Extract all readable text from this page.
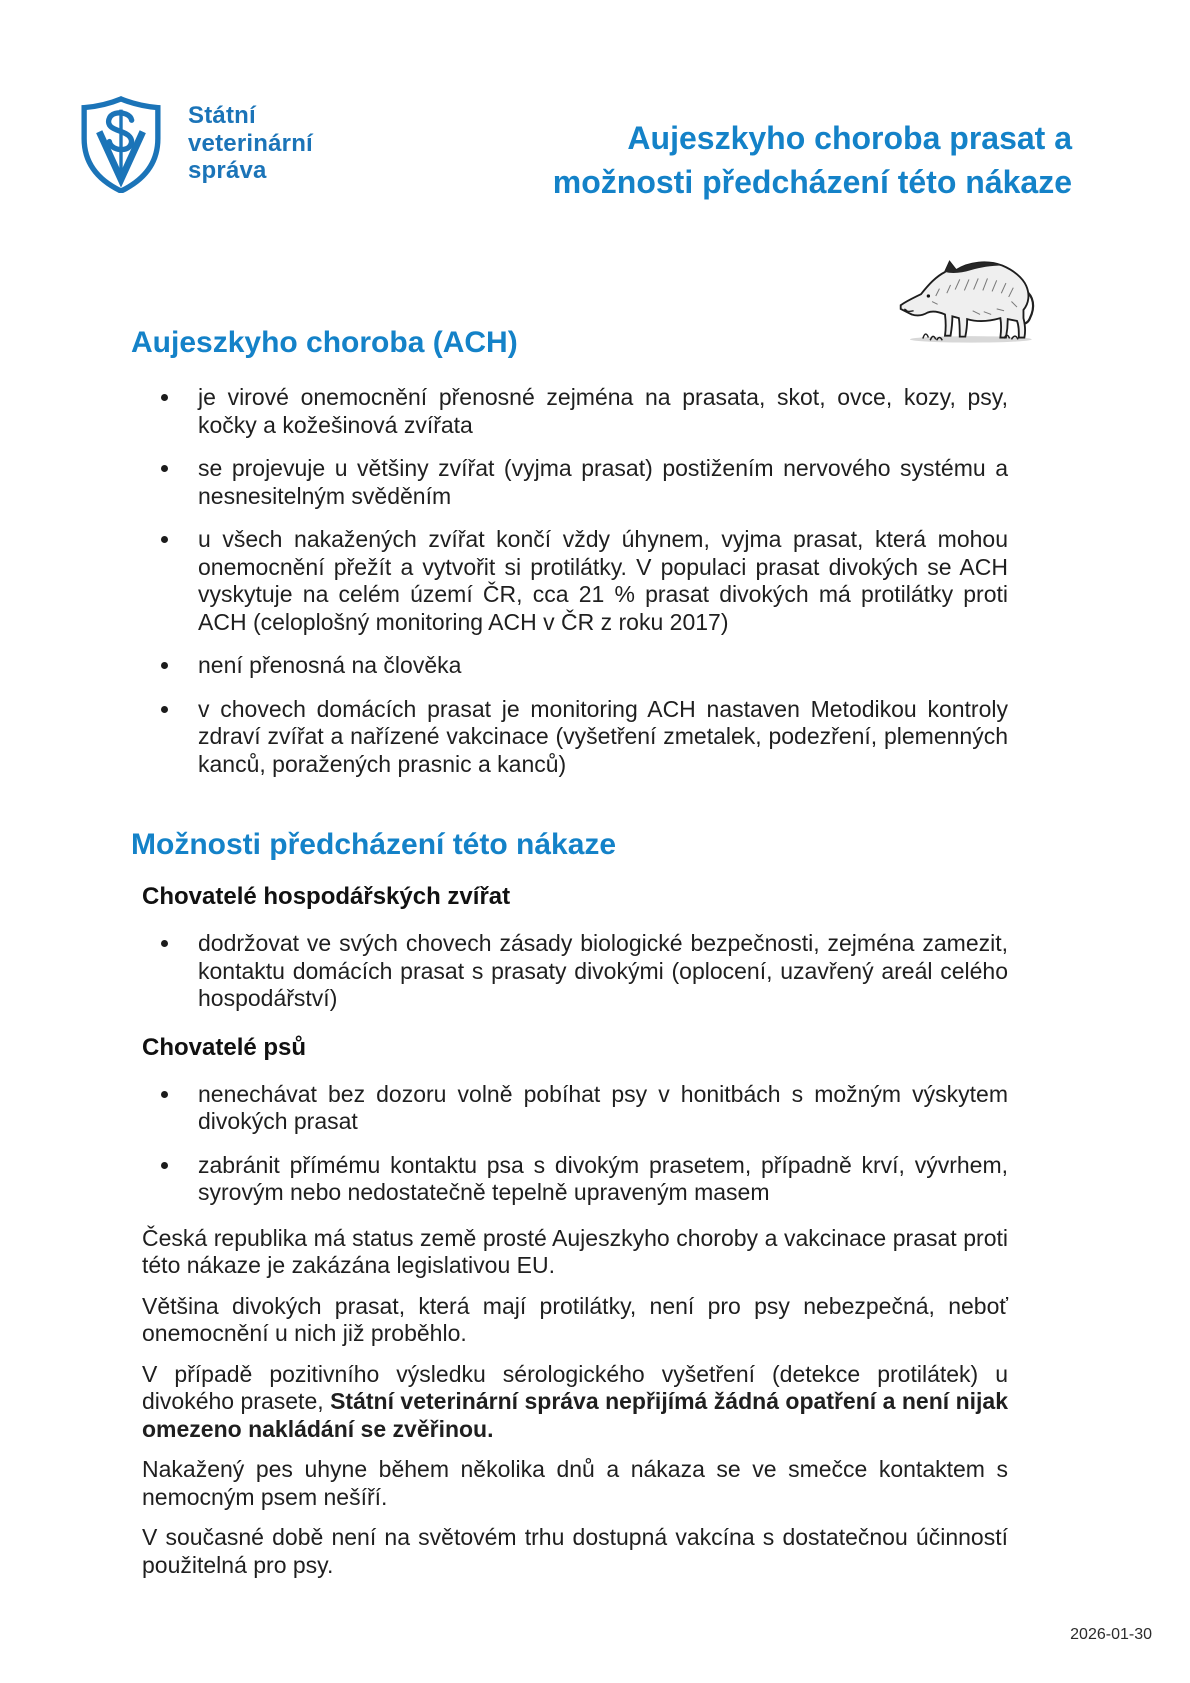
Státní
veterinární
správa
Aujeszkyho choroba prasat a
možnosti předcházení této nákaze
Aujeszkyho choroba (ACH)
je virové onemocnění přenosné zejména na prasata, skot, ovce, kozy, psy, kočky a kožešinová zvířata
se projevuje u většiny zvířat (vyjma prasat) postižením nervového systému a nesnesitelným svěděním
u všech nakažených zvířat končí vždy úhynem, vyjma prasat, která mohou onemocnění přežít a vytvořit si protilátky. V populaci prasat divokých se ACH vyskytuje na celém území ČR, cca 21 % prasat divokých má protilátky proti ACH (celoplošný monitoring ACH v ČR z roku 2017)
není přenosná na člověka
v chovech domácích prasat je monitoring ACH nastaven Metodikou kontroly zdraví zvířat a nařízené vakcinace (vyšetření zmetalek, podezření, plemenných kanců, poražených prasnic a kanců)
Možnosti předcházení této nákaze
Chovatelé hospodářských zvířat
dodržovat ve svých chovech zásady biologické bezpečnosti, zejména zamezit, kontaktu domácích prasat s prasaty divokými (oplocení, uzavřený areál celého hospodářství)
Chovatelé psů
nenechávat bez dozoru volně pobíhat psy v honitbách s možným výskytem divokých prasat
zabránit přímému kontaktu psa s divokým prasetem, případně krví, vývrhem, syrovým nebo nedostatečně tepelně upraveným masem

Česká republika má status země prosté Aujeszkyho choroby a vakcinace prasat proti této nákaze je zakázána legislativou EU.

Většina divokých prasat, která mají protilátky, není pro psy nebezpečná, neboť onemocnění u nich již proběhlo.

V případě pozitivního výsledku sérologického vyšetření (detekce protilátek) u divokého prasete, Státní veterinární správa nepřijímá žádná opatření a není nijak omezeno nakládání se zvěřinou.

Nakažený pes uhyne během několika dnů a nákaza se ve smečce kontaktem s nemocným psem nešíří.

V současné době není na světovém trhu dostupná vakcína s dostatečnou účinností použitelná pro psy.

2026-01-30
